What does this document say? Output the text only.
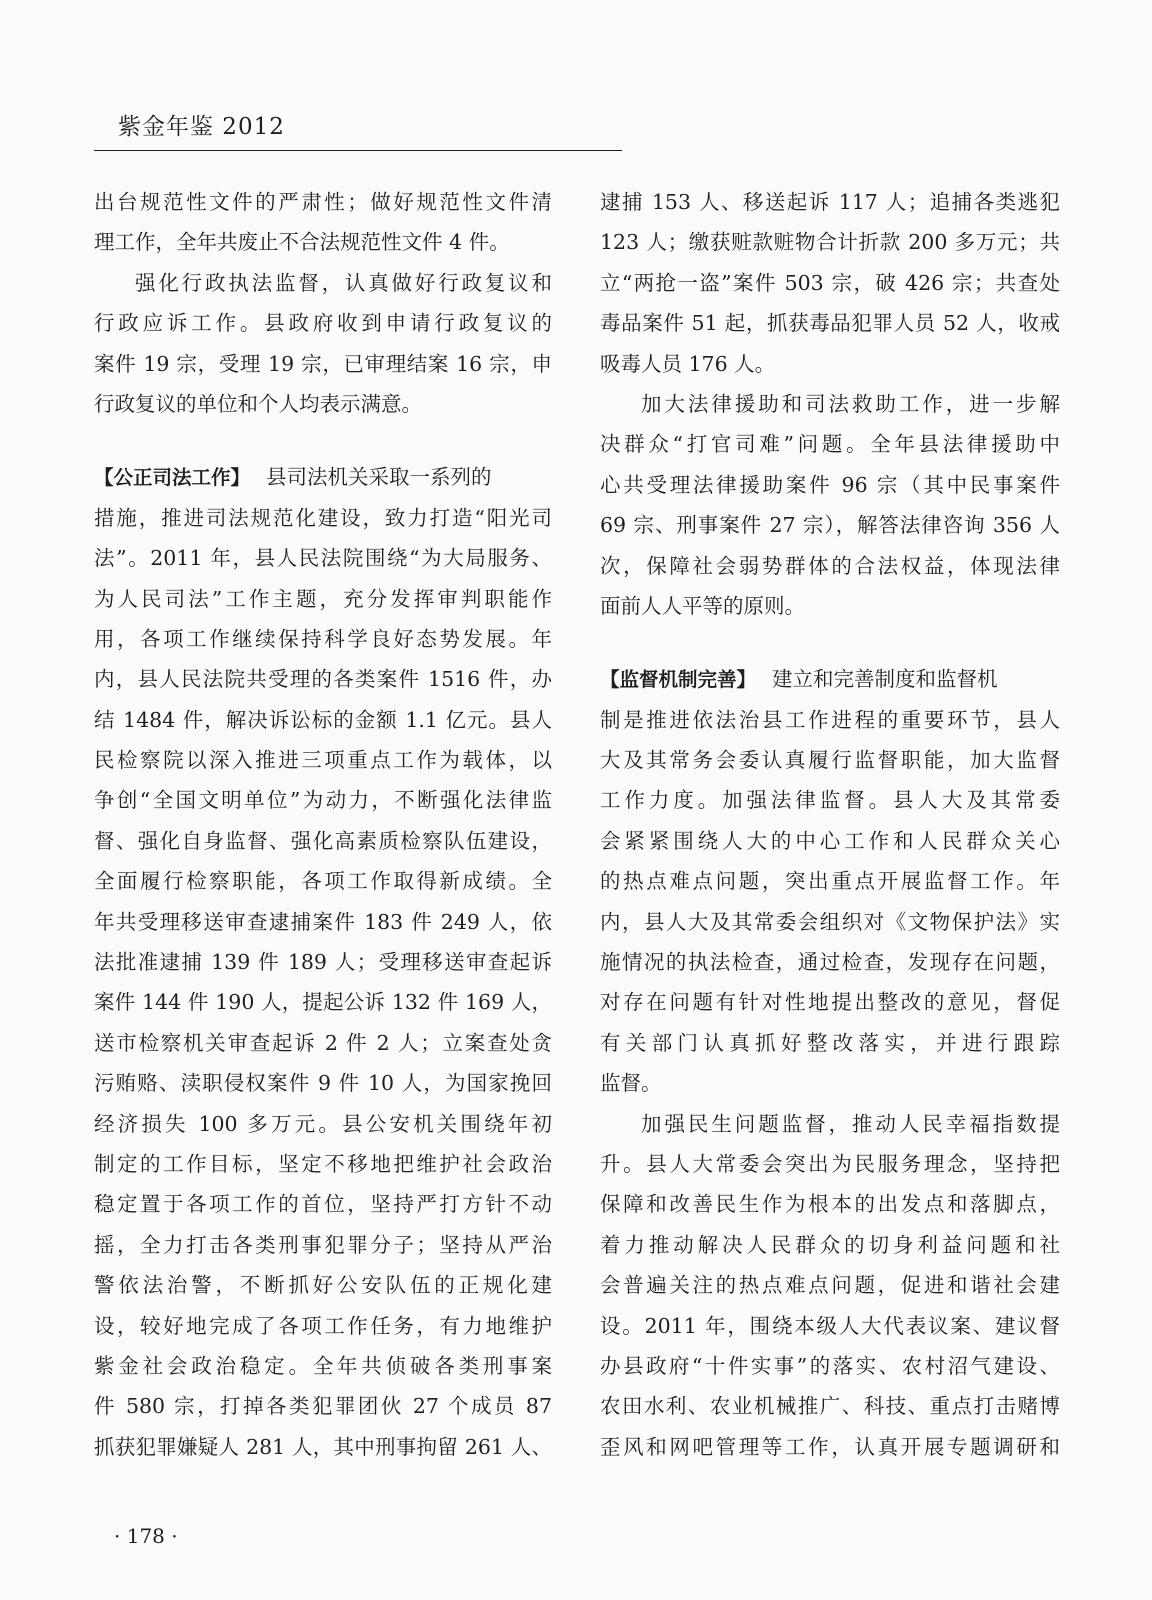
紫金年鉴 2012
出台规范性文件的严肃性；做好规范性文件清
理工作，全年共废止不合法规范性文件 4 件。
强化行政执法监督，认真做好行政复议和
行政应诉工作。县政府收到申请行政复议的
案件 19 宗，受理 19 宗，已审理结案 16 宗，申
行政复议的单位和个人均表示满意。
【公正司法工作】 县司法机关采取一系列的
措施，推进司法规范化建设，致力打造“阳光司
法”。2011 年，县人民法院围绕“为大局服务、
为人民司法”工作主题，充分发挥审判职能作
用，各项工作继续保持科学良好态势发展。年
内，县人民法院共受理的各类案件 1516 件，办
结 1484 件，解决诉讼标的金额 1.1 亿元。县人
民检察院以深入推进三项重点工作为载体，以
争创“全国文明单位”为动力，不断强化法律监
督、强化自身监督、强化高素质检察队伍建设，
全面履行检察职能，各项工作取得新成绩。全
年共受理移送审查逮捕案件 183 件 249 人，依
法批准逮捕 139 件 189 人；受理移送审查起诉
案件 144 件 190 人，提起公诉 132 件 169 人，
送市检察机关审查起诉 2 件 2 人；立案查处贪
污贿赂、渎职侵权案件 9 件 10 人，为国家挽回
经济损失 100 多万元。县公安机关围绕年初
制定的工作目标，坚定不移地把维护社会政治
稳定置于各项工作的首位，坚持严打方针不动
摇，全力打击各类刑事犯罪分子；坚持从严治
警依法治警，不断抓好公安队伍的正规化建
设，较好地完成了各项工作任务，有力地维护
紫金社会政治稳定。全年共侦破各类刑事案
件 580 宗，打掉各类犯罪团伙 27 个成员 87
抓获犯罪嫌疑人 281 人，其中刑事拘留 261 人、
逮捕 153 人、移送起诉 117 人；追捕各类逃犯
123 人；缴获赃款赃物合计折款 200 多万元；共
立“两抢一盗”案件 503 宗，破 426 宗；共查处
毒品案件 51 起，抓获毒品犯罪人员 52 人，收戒
吸毒人员 176 人。
加大法律援助和司法救助工作，进一步解
决群众“打官司难”问题。全年县法律援助中
心共受理法律援助案件 96 宗（其中民事案件
69 宗、刑事案件 27 宗），解答法律咨询 356 人
次，保障社会弱势群体的合法权益，体现法律
面前人人平等的原则。
【监督机制完善】 建立和完善制度和监督机
制是推进依法治县工作进程的重要环节，县人
大及其常务会委认真履行监督职能，加大监督
工作力度。加强法律监督。县人大及其常委
会紧紧围绕人大的中心工作和人民群众关心
的热点难点问题，突出重点开展监督工作。年
内，县人大及其常委会组织对《文物保护法》实
施情况的执法检查，通过检查，发现存在问题，
对存在问题有针对性地提出整改的意见，督促
有关部门认真抓好整改落实，并进行跟踪
监督。
加强民生问题监督，推动人民幸福指数提
升。县人大常委会突出为民服务理念，坚持把
保障和改善民生作为根本的出发点和落脚点，
着力推动解决人民群众的切身利益问题和社
会普遍关注的热点难点问题，促进和谐社会建
设。2011 年，围绕本级人大代表议案、建议督
办县政府“十件实事”的落实、农村沼气建设、
农田水利、农业机械推广、科技、重点打击赌博
歪风和网吧管理等工作，认真开展专题调研和
· 178 ·
